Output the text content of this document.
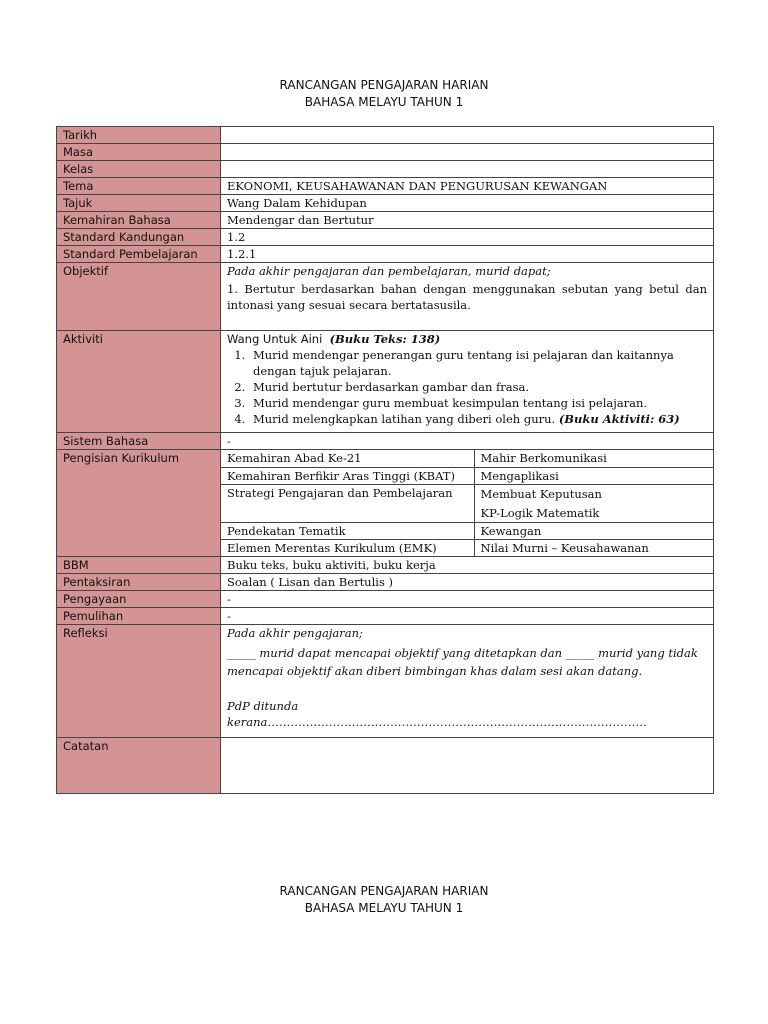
RANCANGAN PENGAJARAN HARIAN
BAHASA MELAYU TAHUN 1
Tarikh	
Masa	
Kelas	
Tema	EKONOMI, KEUSAHAWANAN DAN PENGURUSAN KEWANGAN
Tajuk	Wang Dalam Kehidupan
Kemahiran Bahasa	Mendengar dan Bertutur
Standard Kandungan	1.2
Standard Pembelajaran	1.2.1
Objektif	Pada akhir pengajaran dan pembelajaran, murid dapat;
1. Bertutur berdasarkan bahan dengan menggunakan sebutan yang betul dan intonasi yang sesuai secara bertatasusila.

Aktiviti	Wang Untuk Aini (Buku Teks: 138)
1. Murid mendengar penerangan guru tentang isi pelajaran dan kaitannya dengan tajuk pelajaran.
2. Murid bertutur berdasarkan gambar dan frasa.
3. Murid mendengar guru membuat kesimpulan tentang isi pelajaran.
4. Murid melengkapkan latihan yang diberi oleh guru. (Buku Aktiviti: 63)

Sistem Bahasa	-
Pengisian Kurikulum		Kemahiran Abad Ke-21	Mahir Berkomunikasi
Kemahiran Berfikir Aras Tinggi (KBAT)	Mengaplikasi
Strategi Pengajaran dan Pembelajaran	Membuat Keputusan
KP-Logik Matematik

Pendekatan Tematik	Kewangan
Elemen Merentas Kurikulum (EMK)	Nilai Murni – Keusahawanan

BBM	Buku teks, buku aktiviti, buku kerja
Pentaksiran	Soalan ( Lisan dan Bertulis )
Pengayaan	-
Pemulihan	-
Refleksi	Pada akhir pengajaran;
_____ murid dapat mencapai objektif yang ditetapkan dan _____ murid yang tidak mencapai objektif akan diberi bimbingan khas dalam sesi akan datang.
PdP ditunda kerana………………………………………………………………………………………

Catatan	
RANCANGAN PENGAJARAN HARIAN
BAHASA MELAYU TAHUN 1
